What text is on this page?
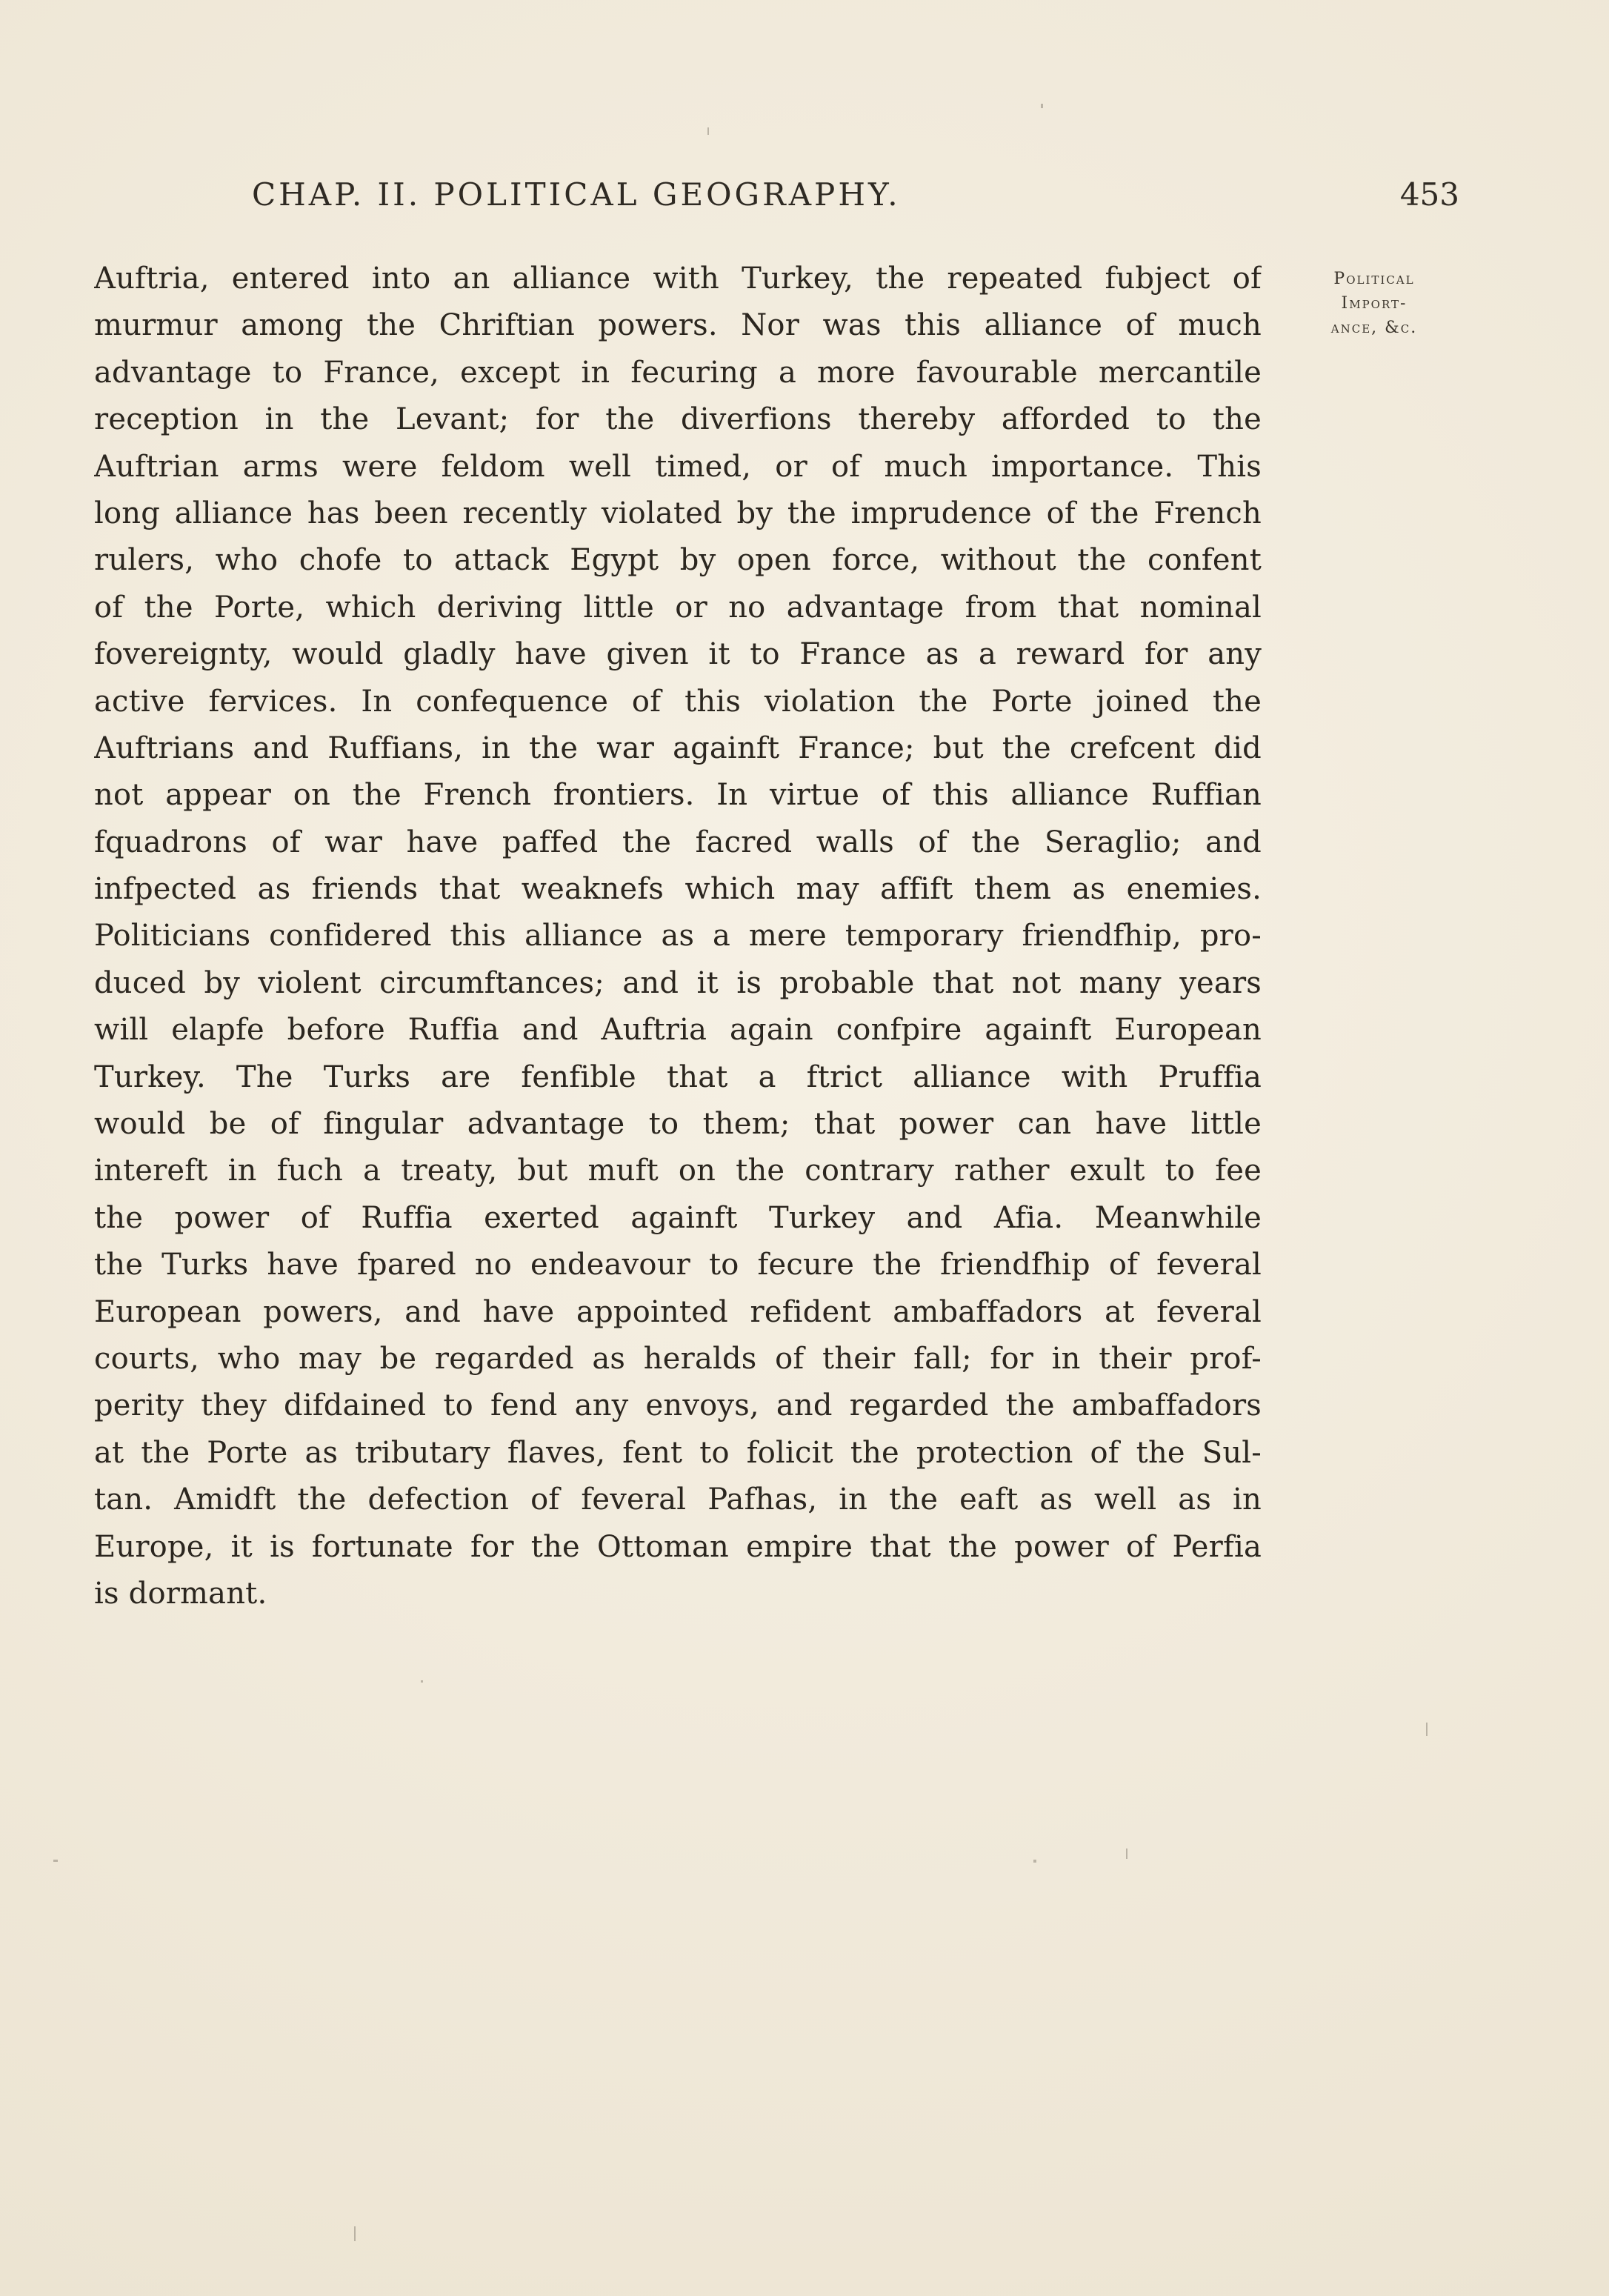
CHAP. II. POLITICAL GEOGRAPHY.	453
Political
Import-
ance, &c.
Auftria, entered into an alliance with Turkey, the repeated fubject of
murmur among the Chriftian powers. Nor was this alliance of much
advantage to France, except in fecuring a more favourable mercantile
reception in the Levant; for the diverfions thereby afforded to the
Auftrian arms were feldom well timed, or of much importance. This
long alliance has been recently violated by the imprudence of the French
rulers, who chofe to attack Egypt by open force, without the confent
of the Porte, which deriving little or no advantage from that nominal
fovereignty, would gladly have given it to France as a reward for any
active fervices. In confequence of this violation the Porte joined the
Auftrians and Ruffians, in the war againft France; but the crefcent did
not appear on the French frontiers. In virtue of this alliance Ruffian
fquadrons of war have paffed the facred walls of the Seraglio; and
infpected as friends that weaknefs which may affift them as enemies.
Politicians confidered this alliance as a mere temporary friendfhip, pro-
duced by violent circumftances; and it is probable that not many years
will elapfe before Ruffia and Auftria again confpire againft European
Turkey. The Turks are fenfible that a ftrict alliance with Pruffia
would be of fingular advantage to them; that power can have little
intereft in fuch a treaty, but muft on the contrary rather exult to fee
the power of Ruffia exerted againft Turkey and Afia. Meanwhile
the Turks have fpared no endeavour to fecure the friendfhip of feveral
European powers, and have appointed refident ambaffadors at feveral
courts, who may be regarded as heralds of their fall; for in their prof-
perity they difdained to fend any envoys, and regarded the ambaffadors
at the Porte as tributary flaves, fent to folicit the protection of the Sul-
tan. Amidft the defection of feveral Pafhas, in the eaft as well as in
Europe, it is fortunate for the Ottoman empire that the power of Perfia
is dormant.
